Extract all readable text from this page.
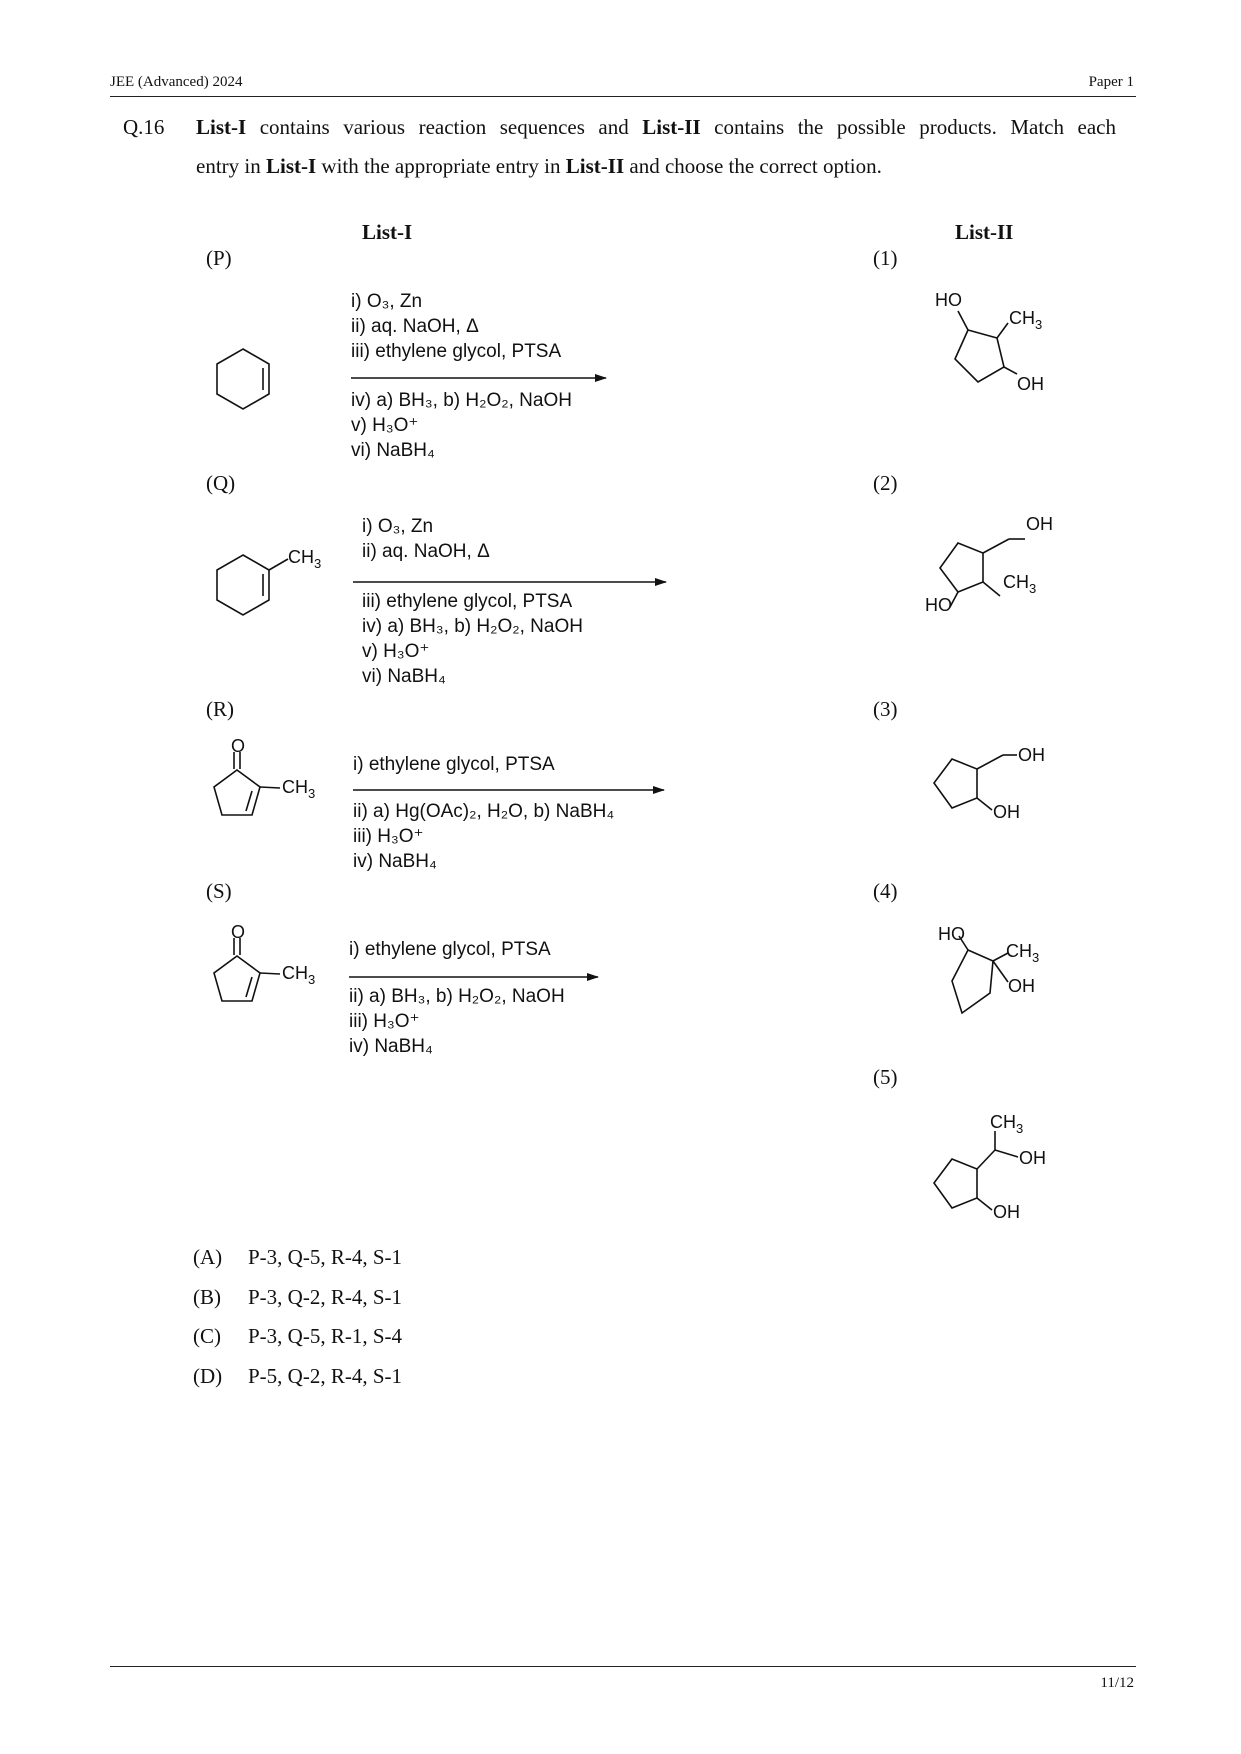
JEE (Advanced) 2024	Paper 1
Q.16 List-I contains various reaction sequences and List-II contains the possible products. Match each
entry in List-I with the appropriate entry in List-II and choose the correct option.
List-I	List-II
(P)
(Q)
(R)
(S)
(1)
(2)
(3)
(4)
(5)
i) O₃, Zn
ii) aq. NaOH, Δ
iii) ethylene glycol, PTSA
iv) a) BH₃, b) H₂O₂, NaOH
v) H₃O⁺
vi) NaBH₄
i) O₃, Zn
ii) aq. NaOH, Δ
iii) ethylene glycol, PTSA
iv) a) BH₃, b) H₂O₂, NaOH
v) H₃O⁺
vi) NaBH₄
i) ethylene glycol, PTSA
ii) a) Hg(OAc)₂, H₂O, b) NaBH₄
iii) H₃O⁺
iv) NaBH₄
i) ethylene glycol, PTSA
ii) a) BH₃, b) H₂O₂, NaOH
iii) H₃O⁺
iv) NaBH₄
$CH_3$
O
$CH_3$
O
$CH_3$
HO
$CH_3$
OH
OH
$CH_3$
HO
OH
OH
HO
$CH_3$
OH
$CH_3$
OH
OH
(A) P-3, Q-5, R-4, S-1
(B) P-3, Q-2, R-4, S-1
(C) P-3, Q-5, R-1, S-4
(D) P-5, Q-2, R-4, S-1
11/12
